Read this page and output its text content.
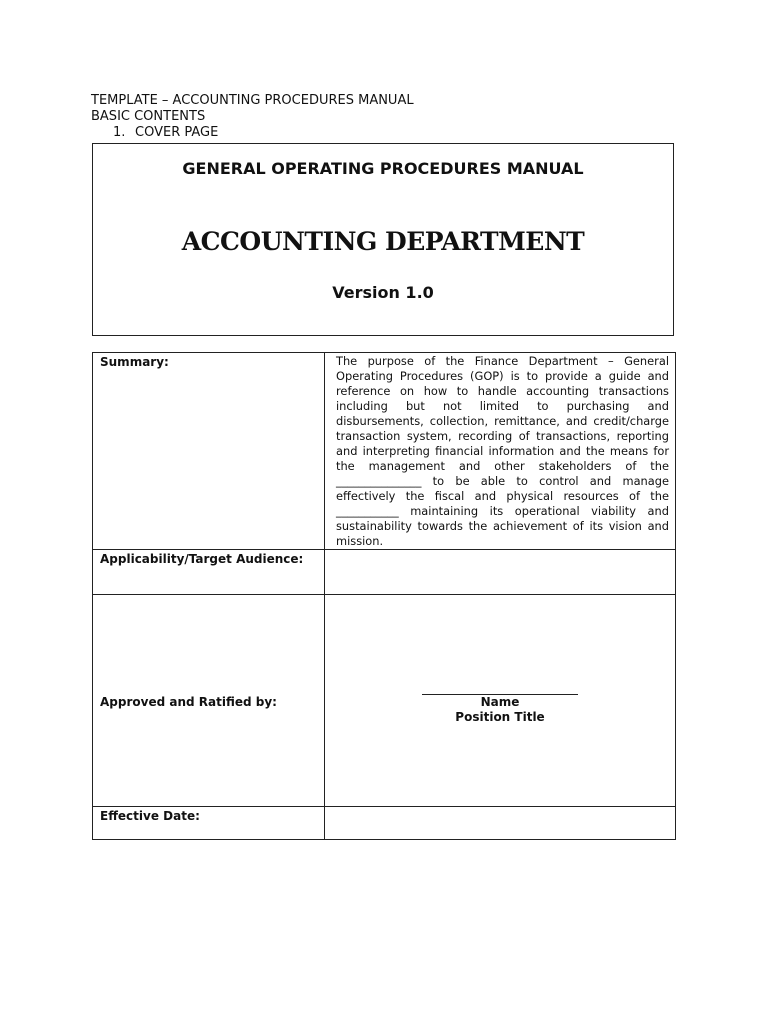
TEMPLATE – ACCOUNTING PROCEDURES MANUAL
BASIC CONTENTS
1. COVER PAGE
GENERAL OPERATING PROCEDURES MANUAL
ACCOUNTING DEPARTMENT
Version 1.0
Summary:	The purpose of the Finance Department – General Operating Procedures (GOP) is to provide a guide and reference on how to handle accounting transactions including but not limited to purchasing and disbursements, collection, remittance, and credit/charge transaction system, recording of transactions, reporting and interpreting financial information and the means for the management and other stakeholders of the _______________ to be able to control and manage effectively the fiscal and physical resources of the ___________ maintaining its operational viability and sustainability towards the achievement of its vision and mission.

Applicability/Target Audience:	

Approved and Ratified by:	Name
Position Title

Effective Date:	
